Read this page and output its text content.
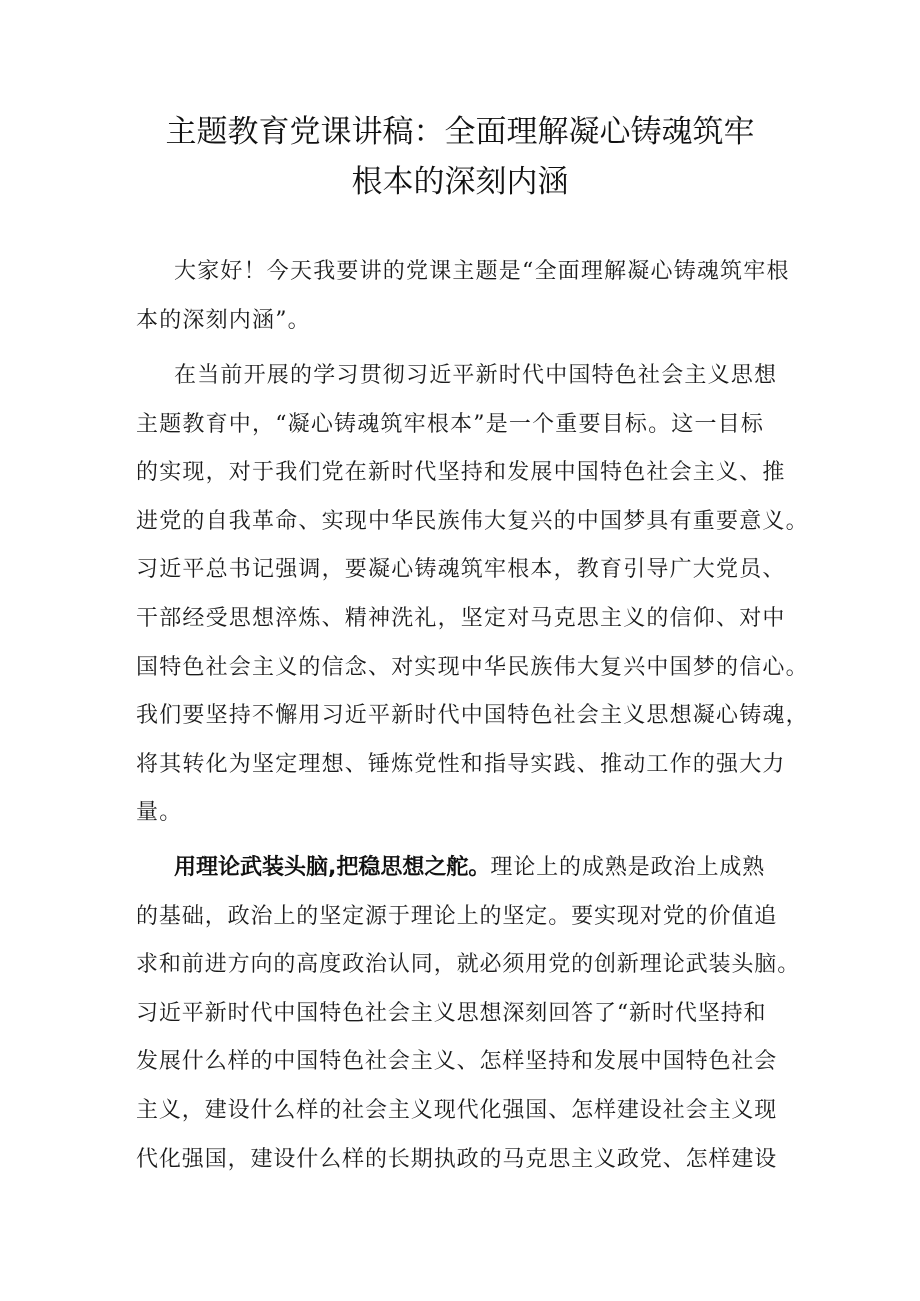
主题教育党课讲稿：全面理解凝心铸魂筑牢
根本的深刻内涵
大家好！今天我要讲的党课主题是“全面理解凝心铸魂筑牢根
本的深刻内涵”。
在当前开展的学习贯彻习近平新时代中国特色社会主义思想
主题教育中，“凝心铸魂筑牢根本”是一个重要目标。这一目标
的实现，对于我们党在新时代坚持和发展中国特色社会主义、推
进党的自我革命、实现中华民族伟大复兴的中国梦具有重要意义。
习近平总书记强调，要凝心铸魂筑牢根本，教育引导广大党员、
干部经受思想淬炼、精神洗礼，坚定对马克思主义的信仰、对中
国特色社会主义的信念、对实现中华民族伟大复兴中国梦的信心。
我们要坚持不懈用习近平新时代中国特色社会主义思想凝心铸魂，
将其转化为坚定理想、锤炼党性和指导实践、推动工作的强大力
量。
用理论武装头脑,把稳思想之舵。理论上的成熟是政治上成熟
的基础，政治上的坚定源于理论上的坚定。要实现对党的价值追
求和前进方向的高度政治认同，就必须用党的创新理论武装头脑。
习近平新时代中国特色社会主义思想深刻回答了“新时代坚持和
发展什么样的中国特色社会主义、怎样坚持和发展中国特色社会
主义，建设什么样的社会主义现代化强国、怎样建设社会主义现
代化强国，建设什么样的长期执政的马克思主义政党、怎样建设
